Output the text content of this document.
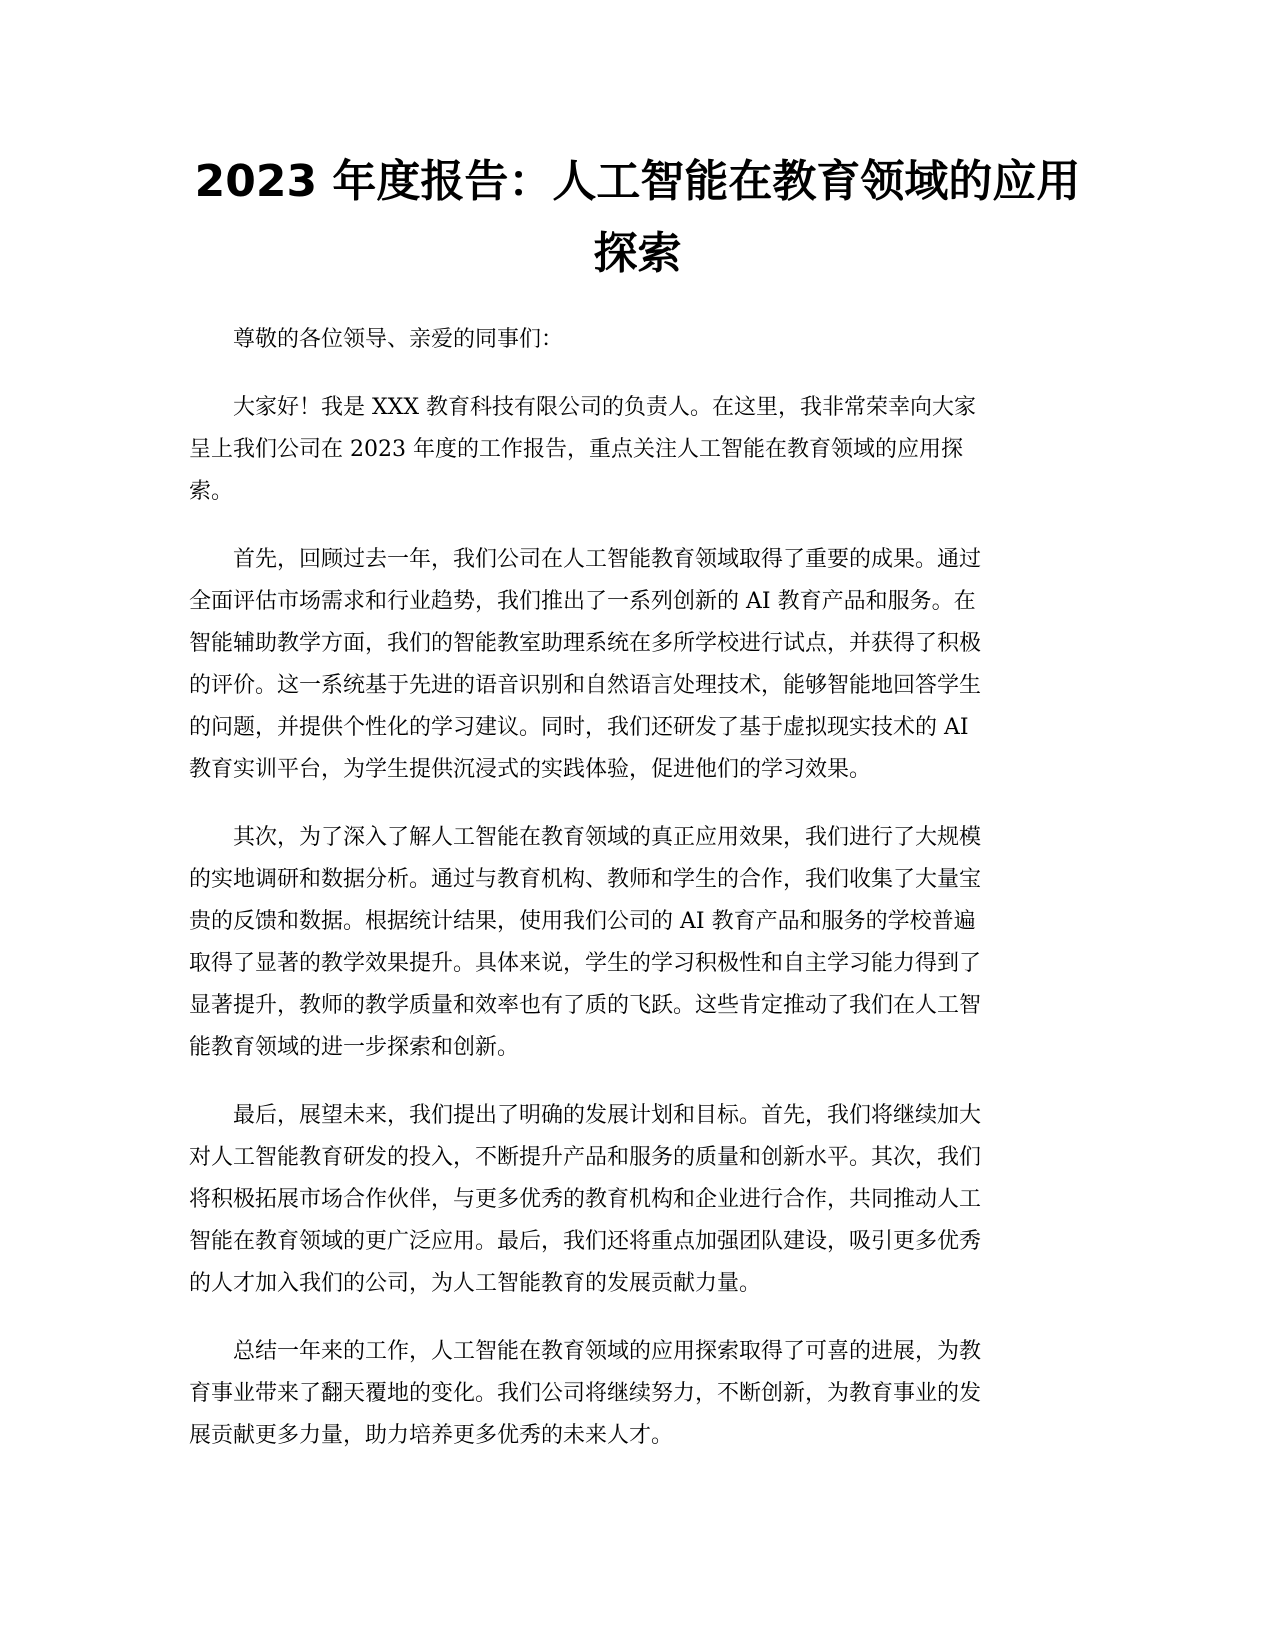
2023 年度报告：人工智能在教育领域的应用
探索
尊敬的各位领导、亲爱的同事们：
大家好！我是 XXX 教育科技有限公司的负责人。在这里，我非常荣幸向大家
呈上我们公司在 2023 年度的工作报告，重点关注人工智能在教育领域的应用探
索。
首先，回顾过去一年，我们公司在人工智能教育领域取得了重要的成果。通过
全面评估市场需求和行业趋势，我们推出了一系列创新的 AI 教育产品和服务。在
智能辅助教学方面，我们的智能教室助理系统在多所学校进行试点，并获得了积极
的评价。这一系统基于先进的语音识别和自然语言处理技术，能够智能地回答学生
的问题，并提供个性化的学习建议。同时，我们还研发了基于虚拟现实技术的 AI
教育实训平台，为学生提供沉浸式的实践体验，促进他们的学习效果。
其次，为了深入了解人工智能在教育领域的真正应用效果，我们进行了大规模
的实地调研和数据分析。通过与教育机构、教师和学生的合作，我们收集了大量宝
贵的反馈和数据。根据统计结果，使用我们公司的 AI 教育产品和服务的学校普遍
取得了显著的教学效果提升。具体来说，学生的学习积极性和自主学习能力得到了
显著提升，教师的教学质量和效率也有了质的飞跃。这些肯定推动了我们在人工智
能教育领域的进一步探索和创新。
最后，展望未来，我们提出了明确的发展计划和目标。首先，我们将继续加大
对人工智能教育研发的投入，不断提升产品和服务的质量和创新水平。其次，我们
将积极拓展市场合作伙伴，与更多优秀的教育机构和企业进行合作，共同推动人工
智能在教育领域的更广泛应用。最后，我们还将重点加强团队建设，吸引更多优秀
的人才加入我们的公司，为人工智能教育的发展贡献力量。
总结一年来的工作，人工智能在教育领域的应用探索取得了可喜的进展，为教
育事业带来了翻天覆地的变化。我们公司将继续努力，不断创新，为教育事业的发
展贡献更多力量，助力培养更多优秀的未来人才。
